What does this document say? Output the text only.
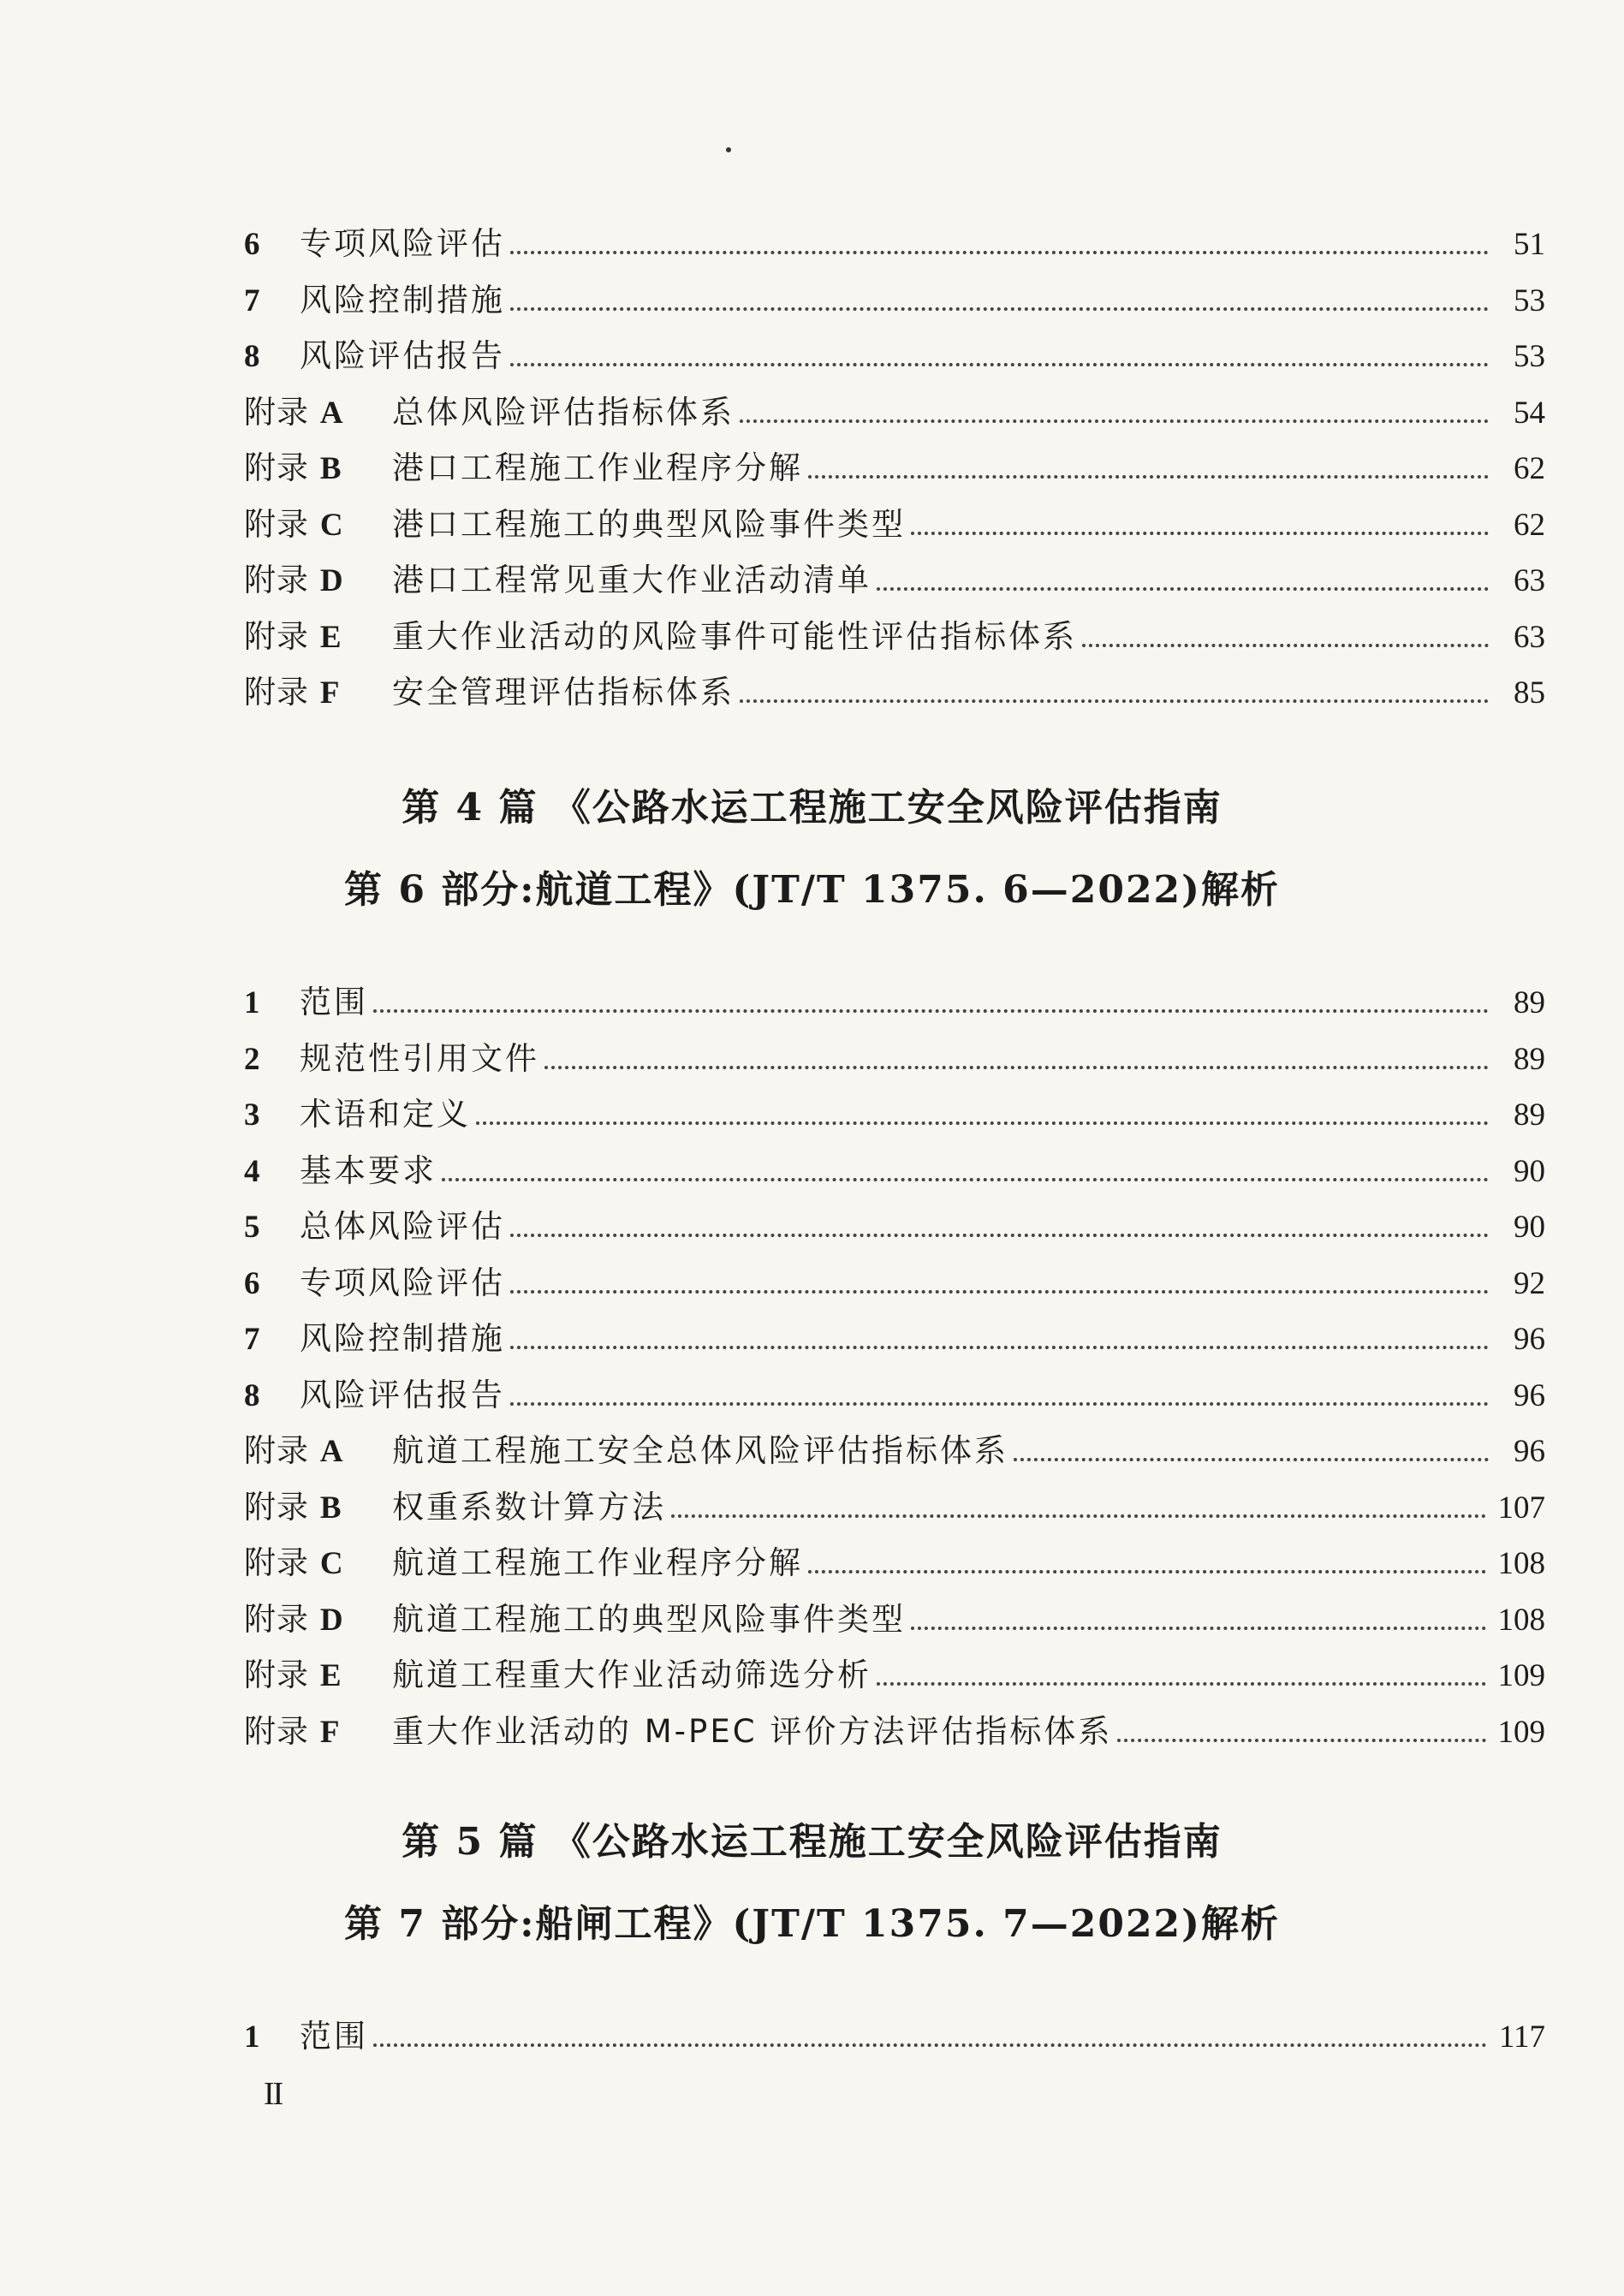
6	专项风险评估	51
7	风险控制措施	53
8	风险评估报告	53
附录 A	总体风险评估指标体系	54
附录 B	港口工程施工作业程序分解	62
附录 C	港口工程施工的典型风险事件类型	62
附录 D	港口工程常见重大作业活动清单	63
附录 E	重大作业活动的风险事件可能性评估指标体系	63
附录 F	安全管理评估指标体系	85
第 4 篇 《公路水运工程施工安全风险评估指南
第 6 部分:航道工程》(JT/T 1375. 6—2022)解析
1	范围	89
2	规范性引用文件	89
3	术语和定义	89
4	基本要求	90
5	总体风险评估	90
6	专项风险评估	92
7	风险控制措施	96
8	风险评估报告	96
附录 A	航道工程施工安全总体风险评估指标体系	96
附录 B	权重系数计算方法	107
附录 C	航道工程施工作业程序分解	108
附录 D	航道工程施工的典型风险事件类型	108
附录 E	航道工程重大作业活动筛选分析	109
附录 F	重大作业活动的 M-PEC 评价方法评估指标体系	109
第 5 篇 《公路水运工程施工安全风险评估指南
第 7 部分:船闸工程》(JT/T 1375. 7—2022)解析
1	范围	117
II
